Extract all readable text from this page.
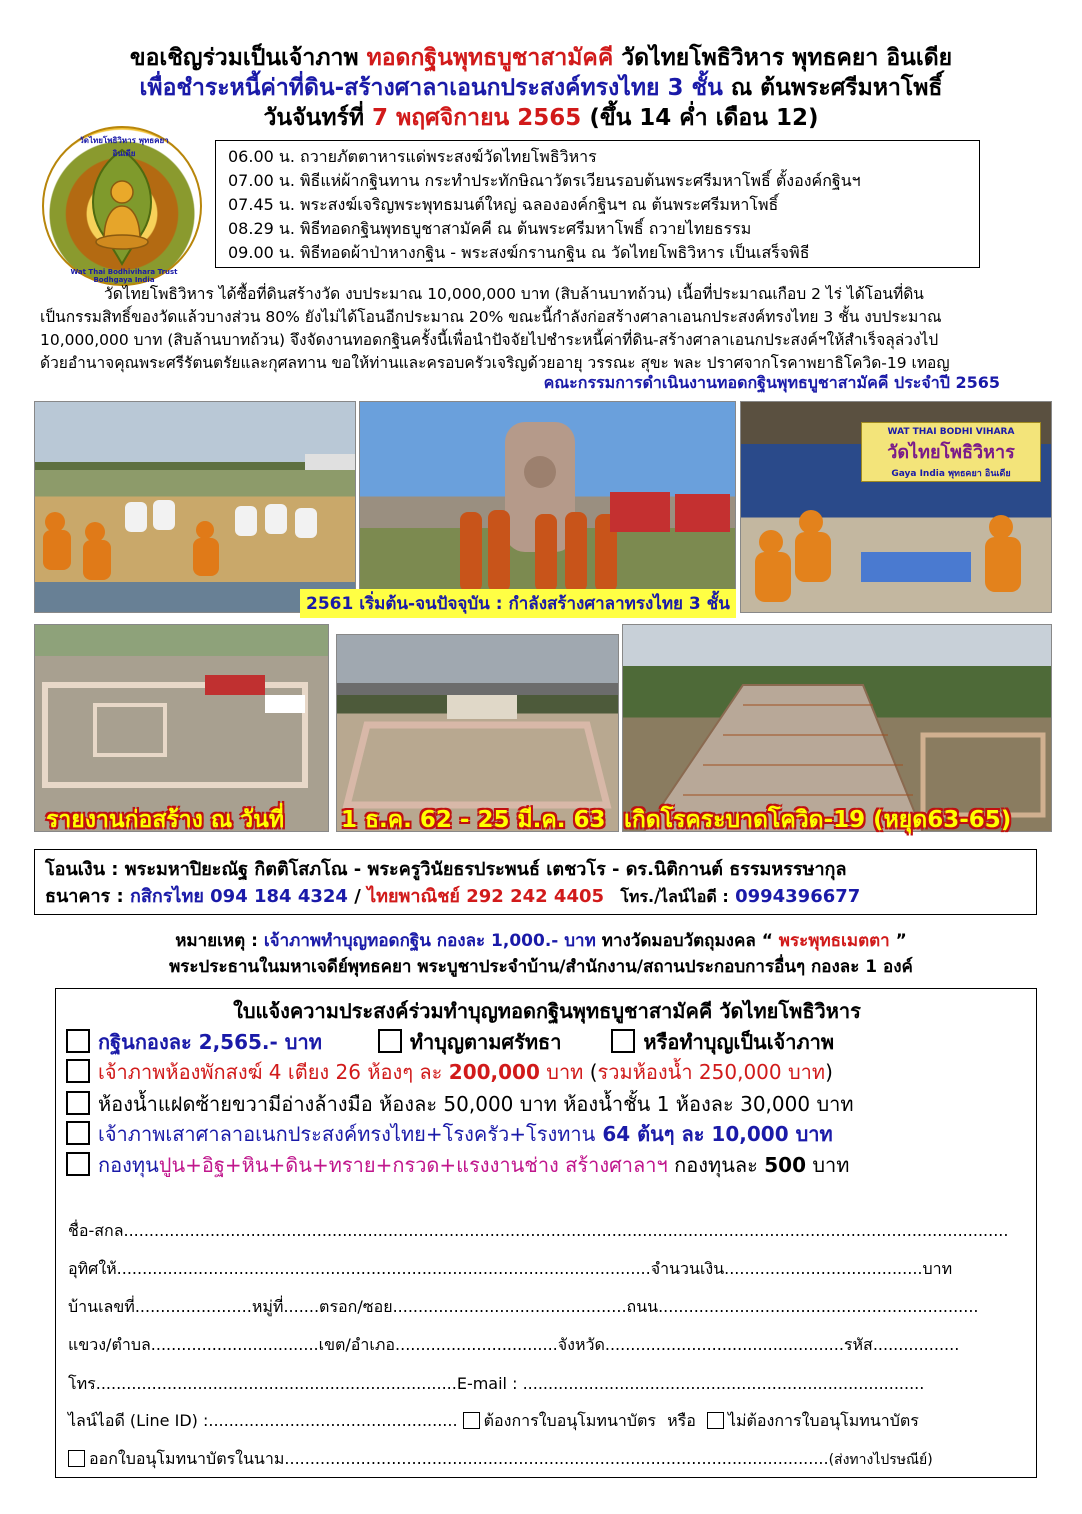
ขอเชิญร่วมเป็นเจ้าภาพ ทอดกฐินพุทธบูชาสามัคคี วัดไทยโพธิวิหาร พุทธคยา อินเดีย
เพื่อชำระหนี้ค่าที่ดิน-สร้างศาลาเอนกประสงค์ทรงไทย 3 ชั้น ณ ต้นพระศรีมหาโพธิ์
วันจันทร์ที่ 7 พฤศจิกายน 2565 (ขึ้น 14 ค่ำ เดือน 12)
วัดไทยโพธิวิหาร พุทธคยา อินเดีย
Wat Thai Bodhivihara Trust Bodhgaya India
06.00 น. ถวายภัตตาหารแด่พระสงฆ์วัดไทยโพธิวิหาร
07.00 น. พิธีแห่ผ้ากฐินทาน กระทำประทักษิณาวัตรเวียนรอบต้นพระศรีมหาโพธิ์ ตั้งองค์กฐินฯ
07.45 น. พระสงฆ์เจริญพระพุทธมนต์ใหญ่ ฉลององค์กฐินฯ ณ ต้นพระศรีมหาโพธิ์
08.29 น. พิธีทอดกฐินพุทธบูชาสามัคคี ณ ต้นพระศรีมหาโพธิ์ ถวายไทยธรรม
09.00 น. พิธีทอดผ้าป่าหางกฐิน - พระสงฆ์กรานกฐิน ณ วัดไทยโพธิวิหาร เป็นเสร็จพิธี
วัดไทยโพธิวิหาร ได้ซื้อที่ดินสร้างวัด งบประมาณ 10,000,000 บาท (สิบล้านบาทถ้วน) เนื้อที่ประมาณเกือบ 2 ไร่ ได้โอนที่ดิน
เป็นกรรมสิทธิ์ของวัดแล้วบางส่วน 80% ยังไม่ได้โอนอีกประมาณ 20% ขณะนี้กำลังก่อสร้างศาลาเอนกประสงค์ทรงไทย 3 ชั้น งบประมาณ
10,000,000 บาท (สิบล้านบาทถ้วน) จึงจัดงานทอดกฐินครั้งนี้เพื่อนำปัจจัยไปชำระหนี้ค่าที่ดิน-สร้างศาลาเอนกประสงค์ฯให้สำเร็จลุล่วงไป
ด้วยอำนาจคุณพระศรีรัตนตรัยและกุศลทาน ขอให้ท่านและครอบครัวเจริญด้วยอายุ วรรณะ สุขะ พละ ปราศจากโรคาพยาธิโควิด-19 เทอญ
คณะกรรมการดำเนินงานทอดกฐินพุทธบูชาสามัคคี ประจำปี 2565
WAT THAI BODHI VIHARA
วัดไทยโพธิวิหาร
Gaya India พุทธคยา อินเดีย
2561 เริ่มต้น-จนปัจจุบัน : กำลังสร้างศาลาทรงไทย 3 ชั้น
รายงานก่อสร้าง ณ วันที่ 1 ธ.ค. 62 - 25 มี.ค. 63 เกิดโรคระบาดโควิด-19 (หยุด63-65)
โอนเงิน : พระมหาปิยะณัฐ กิตติโสภโณ - พระครูวินัยธรประพนธ์ เตชวโร - ดร.นิติกานต์ ธรรมหรรษากุล
ธนาคาร : กสิกรไทย 094 184 4324 / ไทยพาณิชย์ 292 242 4405 โทร./ไลน์ไอดี : 0994396677
หมายเหตุ : เจ้าภาพทำบุญทอดกฐิน กองละ 1,000.- บาท ทางวัดมอบวัตถุมงคล “ พระพุทธเมตตา ”
พระประธานในมหาเจดีย์พุทธคยา พระบูชาประจำบ้าน/สำนักงาน/สถานประกอบการอื่นๆ กองละ 1 องค์
ใบแจ้งความประสงค์ร่วมทำบุญทอดกฐินพุทธบูชาสามัคคี วัดไทยโพธิวิหาร
กฐินกองละ 2,565.- บาท	ทำบุญตามศรัทธา	หรือทำบุญเป็นเจ้าภาพ
เจ้าภาพห้องพักสงฆ์ 4 เตียง 26 ห้องๆ ละ 200,000 บาท (รวมห้องน้ำ 250,000 บาท)
ห้องน้ำแฝดซ้ายขวามีอ่างล้างมือ ห้องละ 50,000 บาท ห้องน้ำชั้น 1 ห้องละ 30,000 บาท
เจ้าภาพเสาศาลาอเนกประสงค์ทรงไทย+โรงครัว+โรงทาน 64 ต้นๆ ละ 10,000 บาท
กองทุนปูน+อิฐ+หิน+ดิน+ทราย+กรวด+แรงงานช่าง สร้างศาลาฯ กองทุนละ 500 บาท
ชื่อ-สกล..............................................................................................................................................................................
อุทิศให้.........................................................................................................จำนวนเงิน.......................................บาท
บ้านเลขที่.......................หมู่ที่.......ตรอก/ซอย..............................................ถนน...............................................................
แขวง/ตำบล.................................เขต/อำเภอ................................จังหวัด...............................................รหัส.................
โทร.......................................................................E-mail : ...............................................................................
ไลน์ไอดี (Line ID) :................................................. ต้องการใบอนุโมทนาบัตร หรือ ไม่ต้องการใบอนุโมทนาบัตร
ออกใบอนุโมทนาบัตรในนาม...........................................................................................................(ส่งทางไปรษณีย์)
